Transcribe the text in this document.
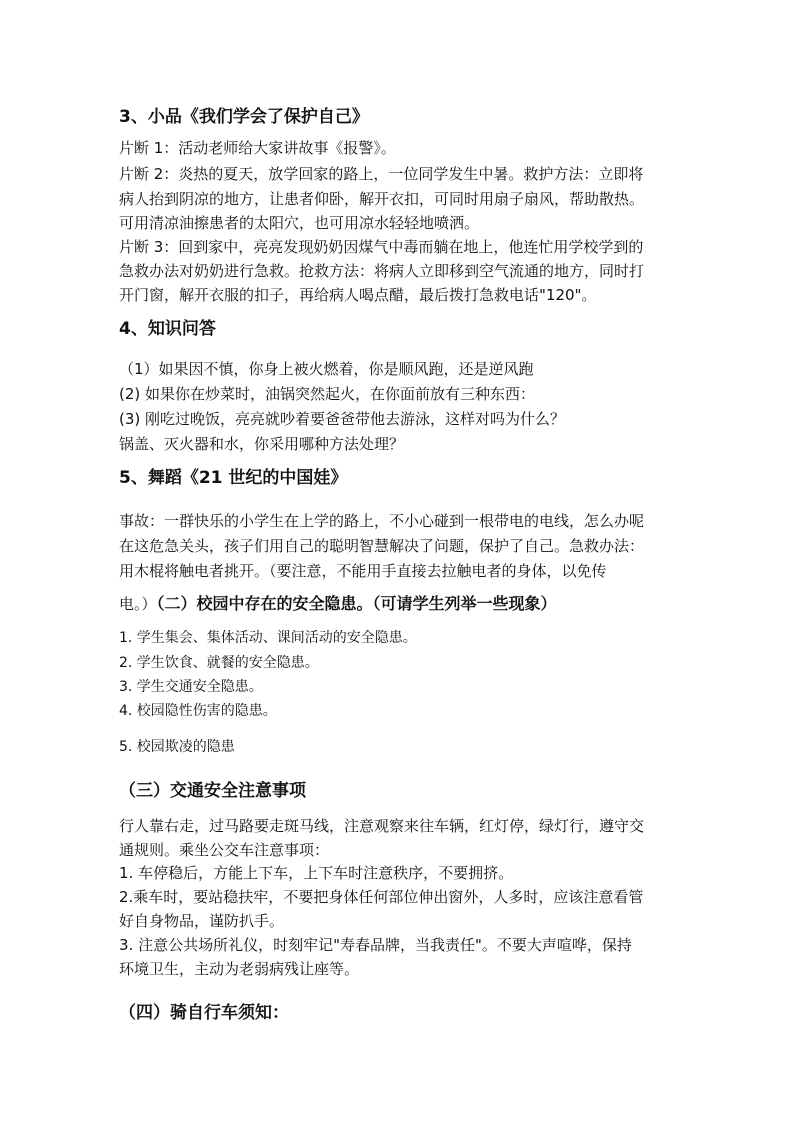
3、小品《我们学会了保护自己》
片断 1：活动老师给大家讲故事《报警》。
片断 2：炎热的夏天，放学回家的路上，一位同学发生中暑。救护方法：立即将
病人抬到阴凉的地方，让患者仰卧，解开衣扣，可同时用扇子扇风，帮助散热。
可用清凉油擦患者的太阳穴，也可用凉水轻轻地喷洒。
片断 3：回到家中，亮亮发现奶奶因煤气中毒而躺在地上，他连忙用学校学到的
急救办法对奶奶进行急救。抢救方法：将病人立即移到空气流通的地方，同时打
开门窗，解开衣服的扣子，再给病人喝点醋，最后拨打急救电话"120"。
4、知识问答
（1）如果因不慎，你身上被火燃着，你是顺风跑，还是逆风跑
(2) 如果你在炒菜时，油锅突然起火，在你面前放有三种东西：
(3) 刚吃过晚饭，亮亮就吵着要爸爸带他去游泳，这样对吗为什么？
锅盖、灭火器和水，你采用哪种方法处理？
5、舞蹈《21 世纪的中国娃》
事故：一群快乐的小学生在上学的路上，不小心碰到一根带电的电线，怎么办呢
在这危急关头，孩子们用自己的聪明智慧解决了问题，保护了自己。急救办法：
用木棍将触电者挑开。（要注意，不能用手直接去拉触电者的身体，以免传
电。）（二）校园中存在的安全隐患。（可请学生列举一些现象）
1. 学生集会、集体活动、课间活动的安全隐患。
2. 学生饮食、就餐的安全隐患。
3. 学生交通安全隐患。
4. 校园隐性伤害的隐患。
5. 校园欺凌的隐患
（三）交通安全注意事项
行人靠右走，过马路要走斑马线，注意观察来往车辆，红灯停，绿灯行，遵守交
通规则。乘坐公交车注意事项：
1. 车停稳后，方能上下车，上下车时注意秩序，不要拥挤。
2.乘车时，要站稳扶牢，不要把身体任何部位伸出窗外，人多时，应该注意看管
好自身物品，谨防扒手。
3. 注意公共场所礼仪，时刻牢记"寿春品牌，当我责任"。不要大声喧哗，保持
环境卫生，主动为老弱病残让座等。
（四）骑自行车须知：
